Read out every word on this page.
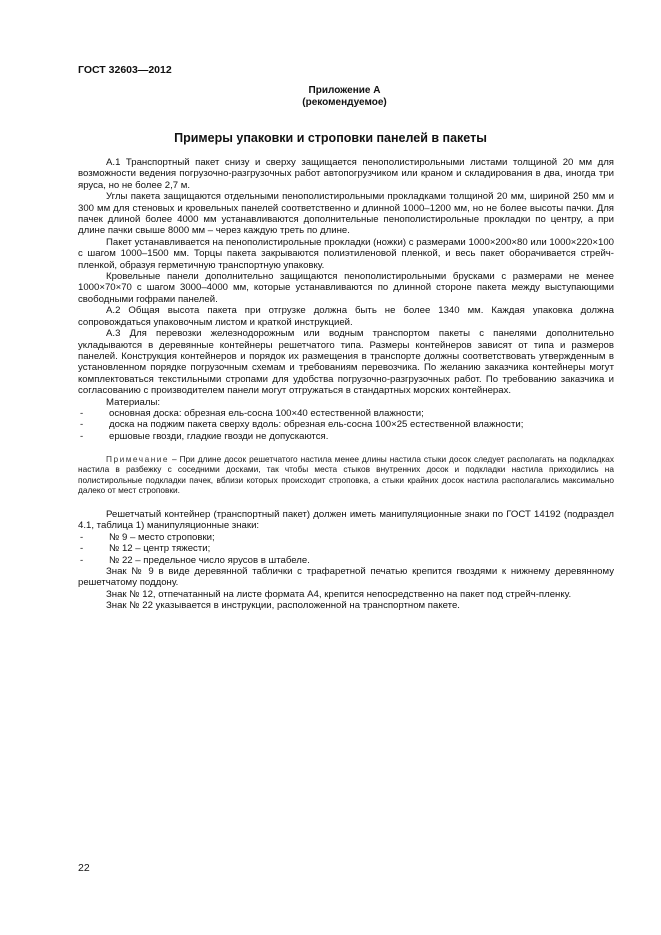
ГОСТ 32603—2012
Приложение А
(рекомендуемое)
Примеры упаковки и строповки панелей в пакеты

А.1 Транспортный пакет снизу и сверху защищается пенополистирольными листами толщиной 20 мм для возможности ведения погрузочно-разгрузочных работ автопогрузчиком или краном и складирования в два, иногда три яруса, но не более 2,7 м.

Углы пакета защищаются отдельными пенополистирольными прокладками толщиной 20 мм, шириной 250 мм и 300 мм для стеновых и кровельных панелей соответственно и длинной 1000–1200 мм, но не более высоты пачки. Для пачек длиной более 4000 мм устанавливаются дополнительные пенополистирольные прокладки по центру, а при длине пачки свыше 8000 мм – через каждую треть по длине.

Пакет устанавливается на пенополистирольные прокладки (ножки) с размерами 1000×200×80 или 1000×220×100 с шагом 1000–1500 мм. Торцы пакета закрываются полиэтиленовой пленкой, и весь пакет оборачивается стрейч-пленкой, образуя герметичную транспортную упаковку.

Кровельные панели дополнительно защищаются пенополистирольными брусками с размерами не менее 1000×70×70 с шагом 3000–4000 мм, которые устанавливаются по длинной стороне пакета между выступающими свободными гофрами панелей.

А.2 Общая высота пакета при отгрузке должна быть не более 1340 мм. Каждая упаковка должна сопровождаться упаковочным листом и краткой инструкцией.

А.3 Для перевозки железнодорожным или водным транспортом пакеты с панелями дополнительно укладываются в деревянные контейнеры решетчатого типа. Размеры контейнеров зависят от типа и размеров панелей. Конструкция контейнеров и порядок их размещения в транспорте должны соответствовать утвержденным в установленном порядке погрузочным схемам и требованиям перевозчика. По желанию заказчика контейнеры могут комплектоваться текстильными стропами для удобства погрузочно-разгрузочных работ. По требованию заказчика и согласованию с производителем панели могут отгружаться в стандартных морских контейнерах.

Материалы:

-	основная доска: обрезная ель-сосна 100×40 естественной влажности;
-	доска на поджим пакета сверху вдоль: обрезная ель-сосна 100×25 естественной влажности;
-	ершовые гвозди, гладкие гвозди не допускаются.

Примечание – При длине досок решетчатого настила менее длины настила стыки досок следует располагать на подкладках настила в разбежку с соседними досками, так чтобы места стыков внутренних досок и подкладки настила приходились на полистирольные подкладки пачек, вблизи которых происходит строповка, а стыки крайних досок настила располагались максимально далеко от мест строповки.

Решетчатый контейнер (транспортный пакет) должен иметь манипуляционные знаки по ГОСТ 14192 (подраздел 4.1, таблица 1) манипуляционные знаки:

-	№ 9 – место строповки;
-	№ 12 – центр тяжести;
-	№ 22 – предельное число ярусов в штабеле.

Знак № 9 в виде деревянной таблички с трафаретной печатью крепится гвоздями к нижнему деревянному решетчатому поддону.

Знак № 12, отпечатанный на листе формата А4, крепится непосредственно на пакет под стрейч-пленку.

Знак № 22 указывается в инструкции, расположенной на транспортном пакете.

22
